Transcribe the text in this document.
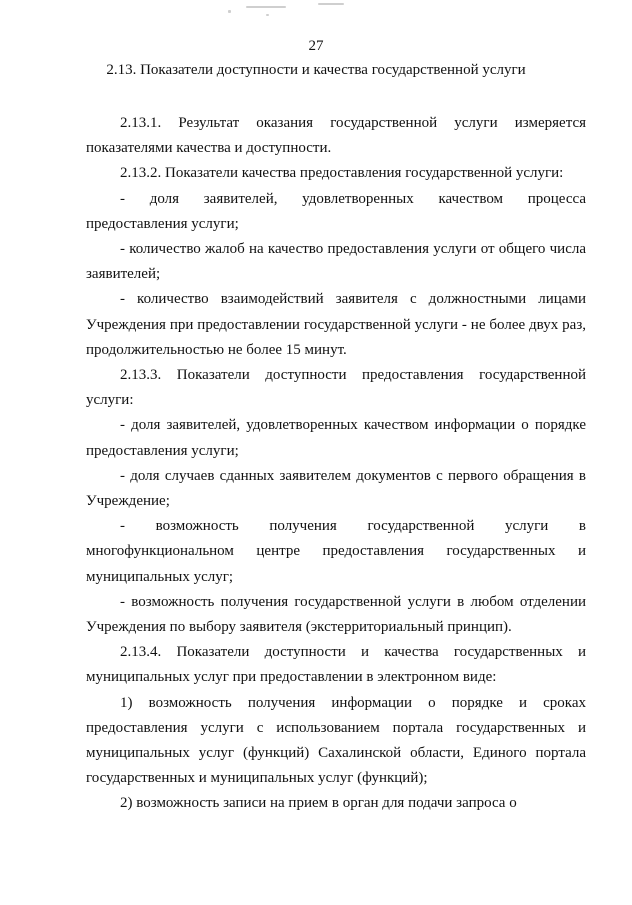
27
2.13. Показатели доступности и качества государственной услуги

2.13.1. Результат оказания государственной услуги измеряется показателями качества и доступности.

2.13.2. Показатели качества предоставления государственной услуги:

- доля заявителей, удовлетворенных качеством процесса предоставления услуги;

- количество жалоб на качество предоставления услуги от общего числа заявителей;

- количество взаимодействий заявителя с должностными лицами Учреждения при предоставлении государственной услуги - не более двух раз, продолжительностью не более 15 минут.

2.13.3. Показатели доступности предоставления государственной услуги:

- доля заявителей, удовлетворенных качеством информации о порядке предоставления услуги;

- доля случаев сданных заявителем документов с первого обращения в Учреждение;

- возможность получения государственной услуги в многофункциональном центре предоставления государственных и муниципальных услуг;

- возможность получения государственной услуги в любом отделении Учреждения по выбору заявителя (экстерриториальный принцип).

2.13.4. Показатели доступности и качества государственных и муниципальных услуг при предоставлении в электронном виде:

1) возможность получения информации о порядке и сроках предоставления услуги с использованием портала государственных и муниципальных услуг (функций) Сахалинской области, Единого портала государственных и муниципальных услуг (функций);

2) возможность записи на прием в орган для подачи запроса о
